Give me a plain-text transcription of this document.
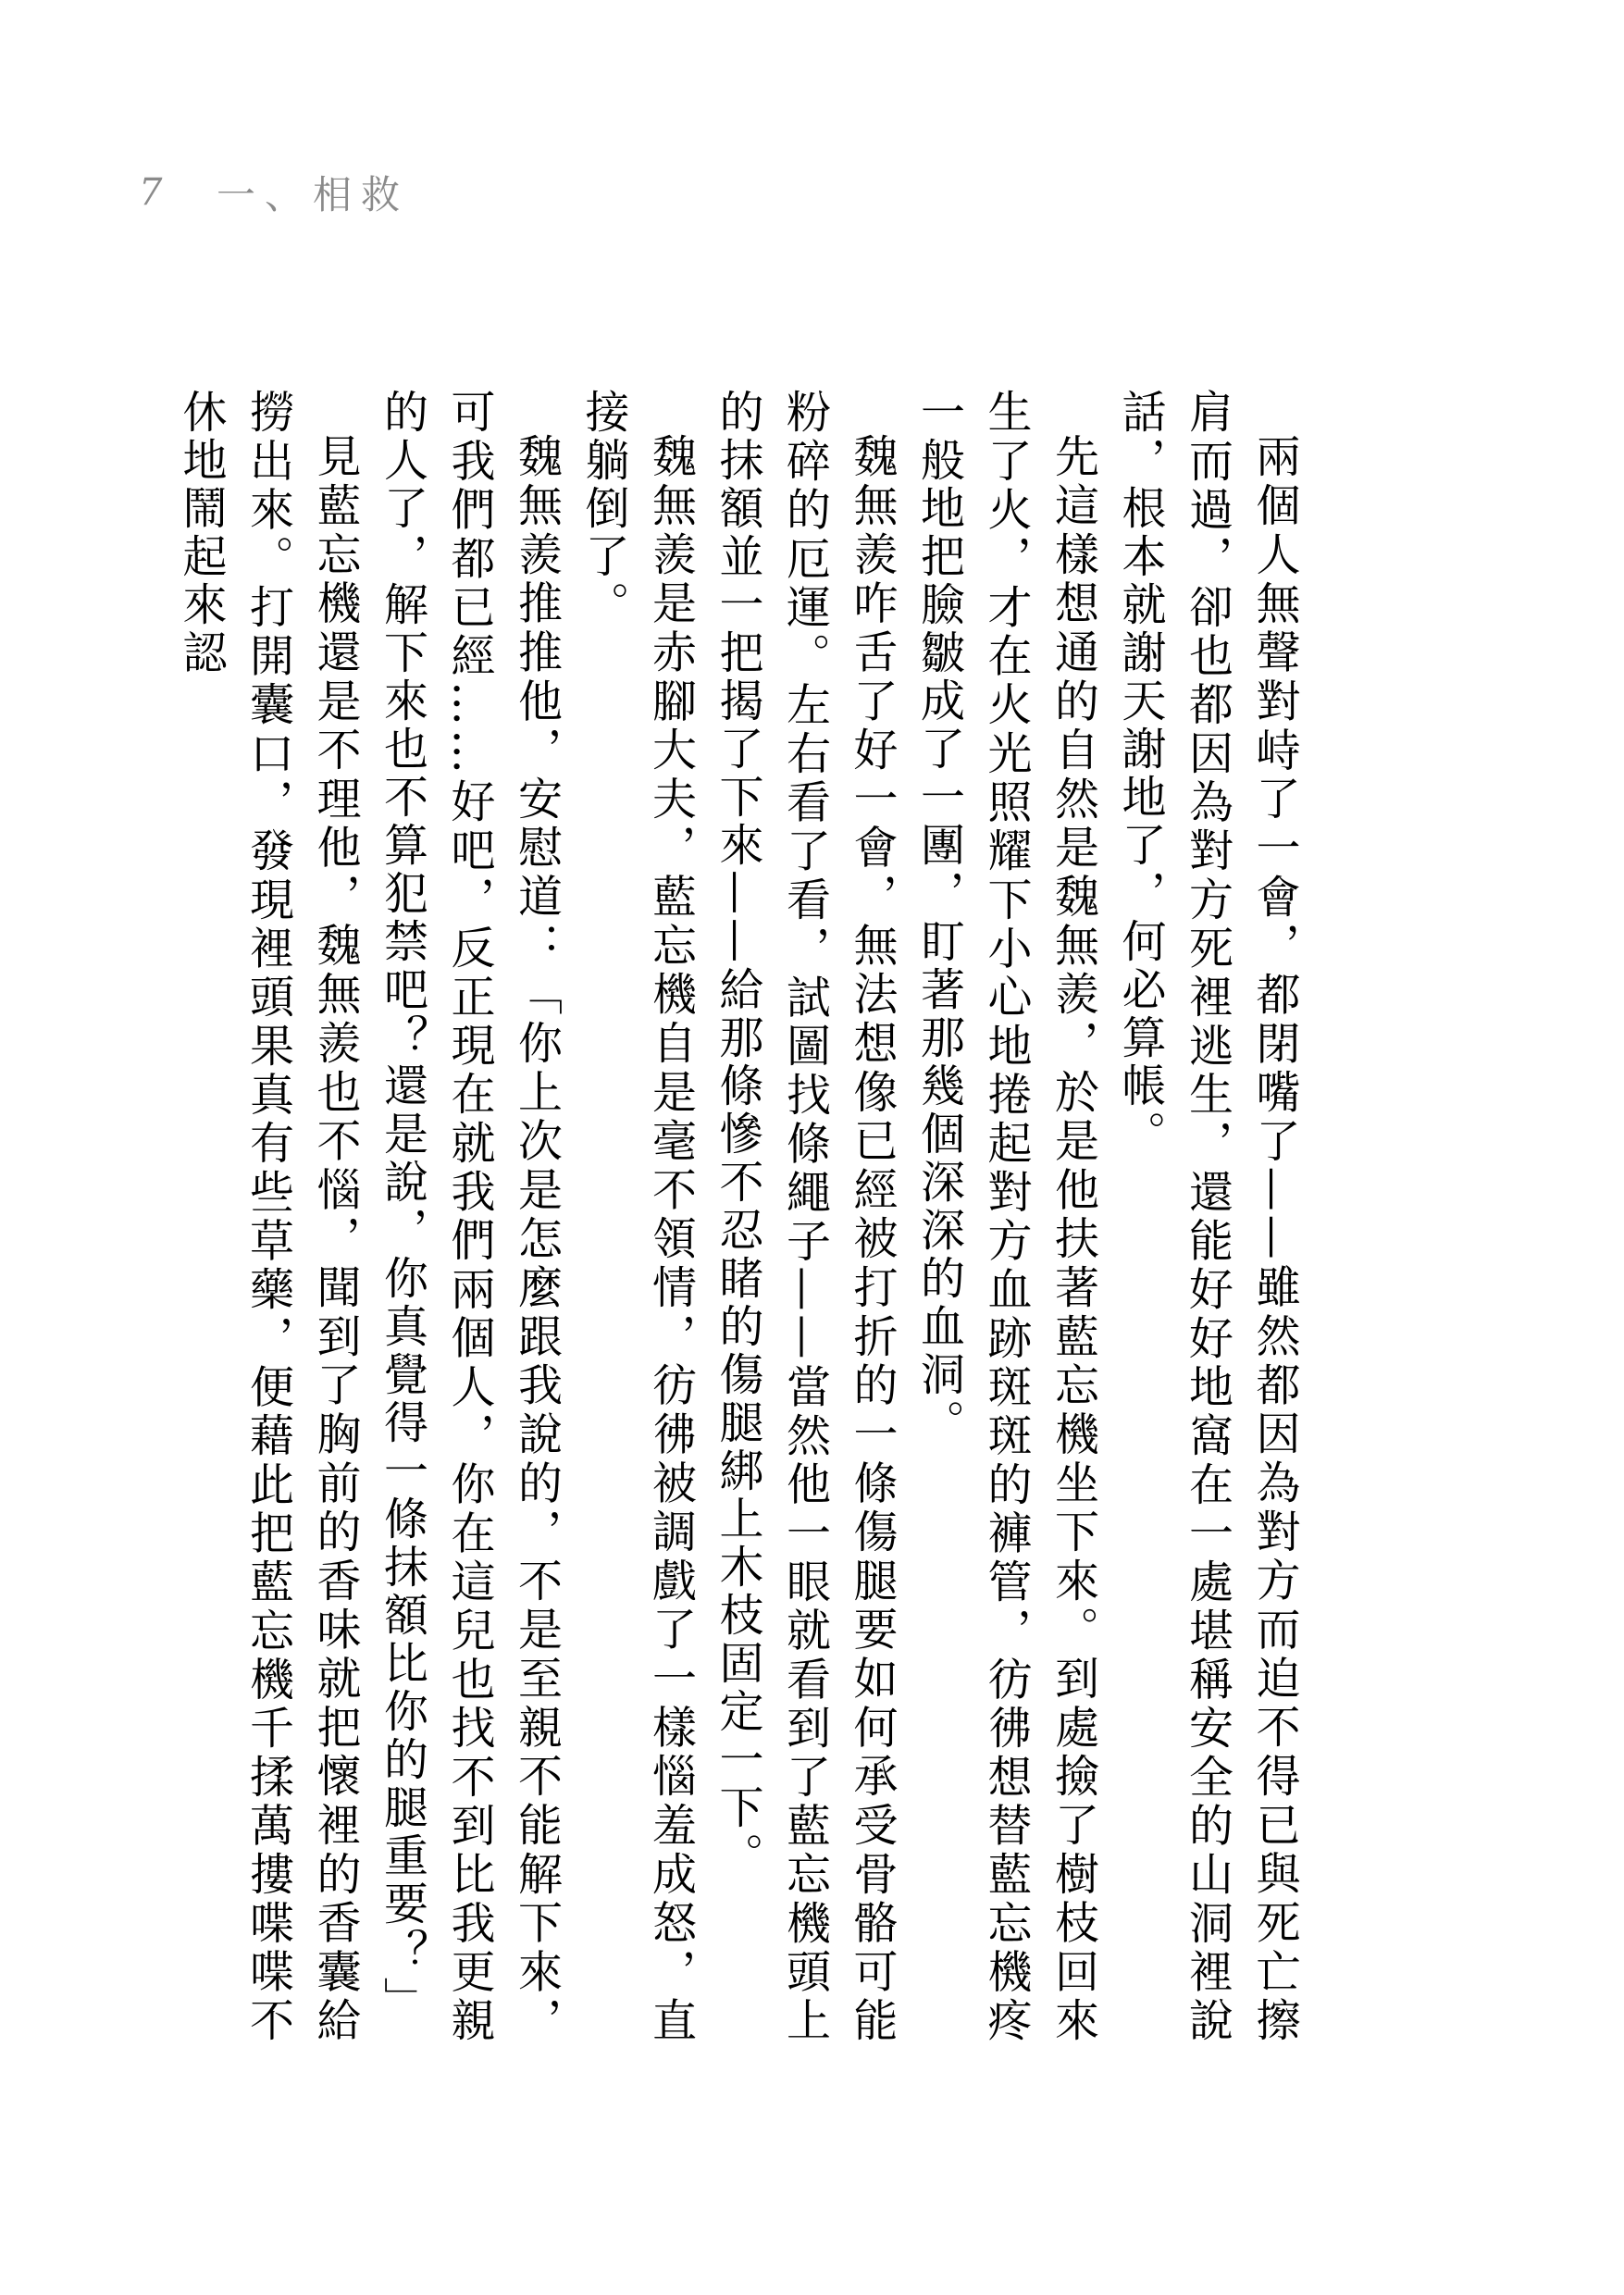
7	一、相救

兩個人無聲對峙了一會，都閉嘴了——雖然都因為對方而迫不得已與死亡擦肩而過，卻也都因為對方死裡逃生，還能好好地窩在一處堪稱安全的山洞裡說話，根本就謝天謝地了，何必算帳。

先這樣想通的自然是魏無羨，於是他扶著藍忘機坐下來。到處撿了樹枝回來生了火，才在火光照耀下小心地捲起對方血跡斑斑的褲管，彷彿想替藍忘機疼一般地把臉皺成了一團，盯著那幾個深深的血洞。

魏無羨咋舌了好一會，無法想像已經被打折的一條傷腿要如何承受骨骼可能粉碎的厄運。左右看了看，試圖找條繩子——當然他一眼就看到了藍忘機頭上的抹額並一把揭了下來——給那條慘不忍睹的傷腿綁上木枝固定一下。

魏無羨是赤腳大夫，藍忘機自是毫不領情，彷彿被調戲了一樣惱羞成怒，直接躺倒了。

魏無羨推推他，安慰道：「你上次是怎麼跟我說的，不是至親不能解下來，可我們都已經……好吧，反正現在就我們兩個人，你在這兒也找不到比我更親的人了，解下來也不算犯禁吧？還是說，你真覺得一條抹額比你的腿重要？」

見藍忘機還是不理他，魏無羨也不惱，聞到了胸前的香味就把懷裡的香囊給撈出來。打開囊口，發現裡頭果真有些草藥，便藉此把藍忘機千揉萬摟喋喋不休地鬧起來認
